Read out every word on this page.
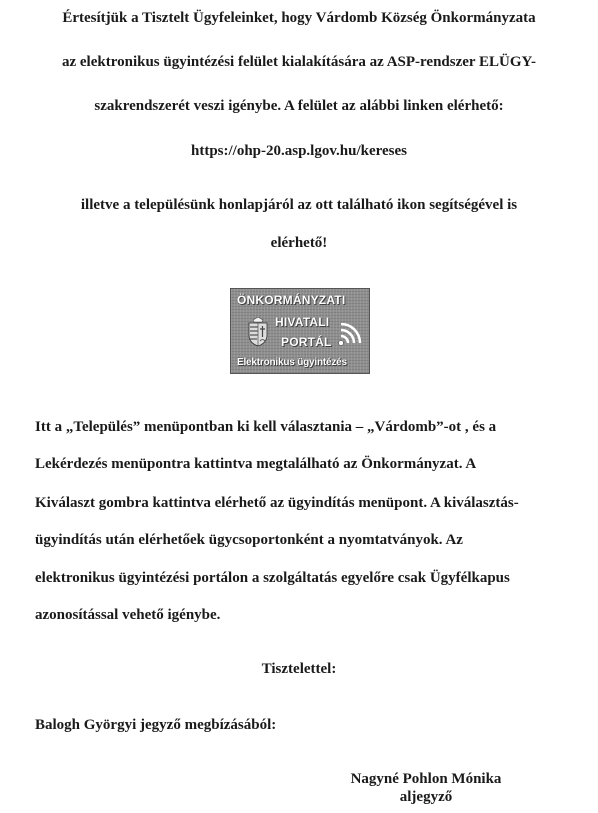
Értesítjük a Tisztelt Ügyfeleinket, hogy Várdomb Község Önkormányzata
az elektronikus ügyintézési felület kialakítására az ASP-rendszer ELÜGY-
szakrendszerét veszi igénybe. A felület az alábbi linken elérhető:
https://ohp-20.asp.lgov.hu/kereses
illetve a településünk honlapjáról az ott található ikon segítségével is
elérhető!
ÖNKORMÁNYZATI
HIVATALI
PORTÁL
Elektronikus ügyintézés
Itt a „Település” menüpontban ki kell választania – „Várdomb”-ot , és a
Lekérdezés menüpontra kattintva megtalálható az Önkormányzat. A
Kiválaszt gombra kattintva elérhető az ügyindítás menüpont. A kiválasztás-
ügyindítás után elérhetőek ügycsoportonként a nyomtatványok. Az
elektronikus ügyintézési portálon a szolgáltatás egyelőre csak Ügyfélkapus
azonosítással vehető igénybe.
Tisztelettel:
Balogh Györgyi jegyző megbízásából:
Nagyné Pohlon Mónika
aljegyző
